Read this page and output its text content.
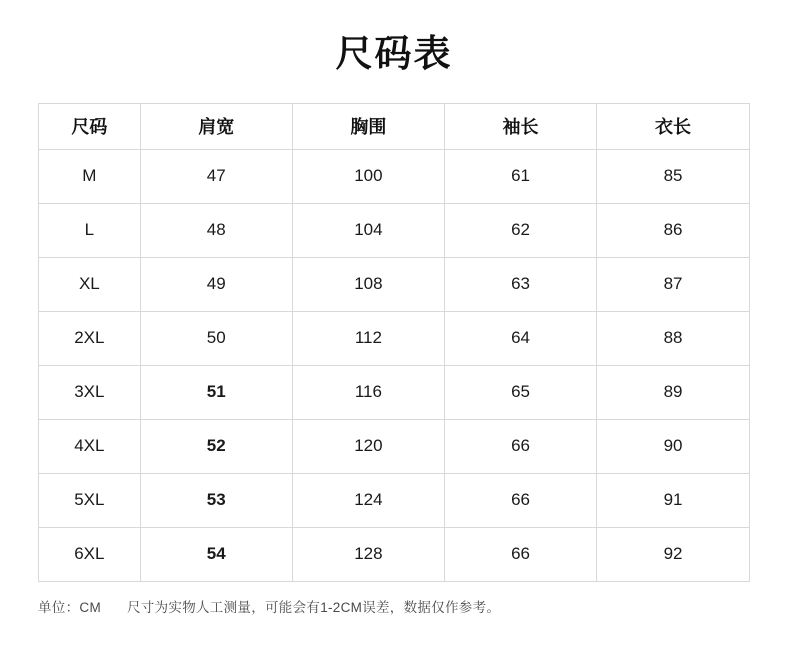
尺码表
尺码	肩宽	胸围	袖长	衣长
M	47	100	61	85
L	48	104	62	86
XL	49	108	63	87
2XL	50	112	64	88
3XL	51	116	65	89
4XL	52	120	66	90
5XL	53	124	66	91
6XL	54	128	66	92
单位：CM 尺寸为实物人工测量，可能会有1-2CM误差，数据仅作参考。
